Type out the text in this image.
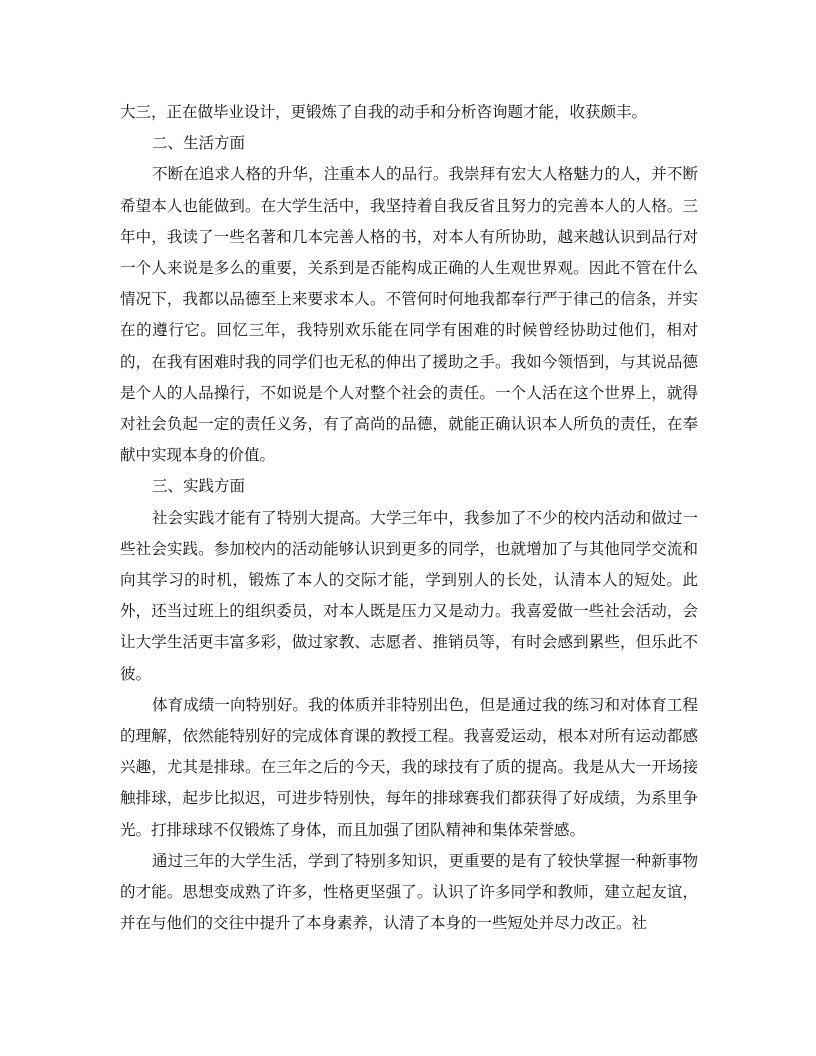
大三，正在做毕业设计，更锻炼了自我的动手和分析咨询题才能，收获颇丰。

二、生活方面

不断在追求人格的升华，注重本人的品行。我崇拜有宏大人格魅力的人，并不断希望本人也能做到。在大学生活中，我坚持着自我反省且努力的完善本人的人格。三年中，我读了一些名著和几本完善人格的书，对本人有所协助，越来越认识到品行对一个人来说是多么的重要，关系到是否能构成正确的人生观世界观。因此不管在什么情况下，我都以品德至上来要求本人。不管何时何地我都奉行严于律己的信条，并实在的遵行它。回忆三年，我特别欢乐能在同学有困难的时候曾经协助过他们，相对的，在我有困难时我的同学们也无私的伸出了援助之手。我如今领悟到，与其说品德是个人的人品操行，不如说是个人对整个社会的责任。一个人活在这个世界上，就得对社会负起一定的责任义务，有了高尚的品德，就能正确认识本人所负的责任，在奉献中实现本身的价值。

三、实践方面

社会实践才能有了特别大提高。大学三年中，我参加了不少的校内活动和做过一些社会实践。参加校内的活动能够认识到更多的同学，也就增加了与其他同学交流和向其学习的时机，锻炼了本人的交际才能，学到别人的长处，认清本人的短处。此外，还当过班上的组织委员，对本人既是压力又是动力。我喜爱做一些社会活动，会让大学生活更丰富多彩，做过家教、志愿者、推销员等，有时会感到累些，但乐此不彼。

体育成绩一向特别好。我的体质并非特别出色，但是通过我的练习和对体育工程的理解，依然能特别好的完成体育课的教授工程。我喜爱运动，根本对所有运动都感兴趣，尤其是排球。在三年之后的今天，我的球技有了质的提高。我是从大一开场接触排球，起步比拟迟，可进步特别快，每年的排球赛我们都获得了好成绩，为系里争光。打排球球不仅锻炼了身体，而且加强了团队精神和集体荣誉感。

通过三年的大学生活，学到了特别多知识，更重要的是有了较快掌握一种新事物的才能。思想变成熟了许多，性格更坚强了。认识了许多同学和教师，建立起友谊，并在与他们的交往中提升了本身素养，认清了本身的一些短处并尽力改正。社
